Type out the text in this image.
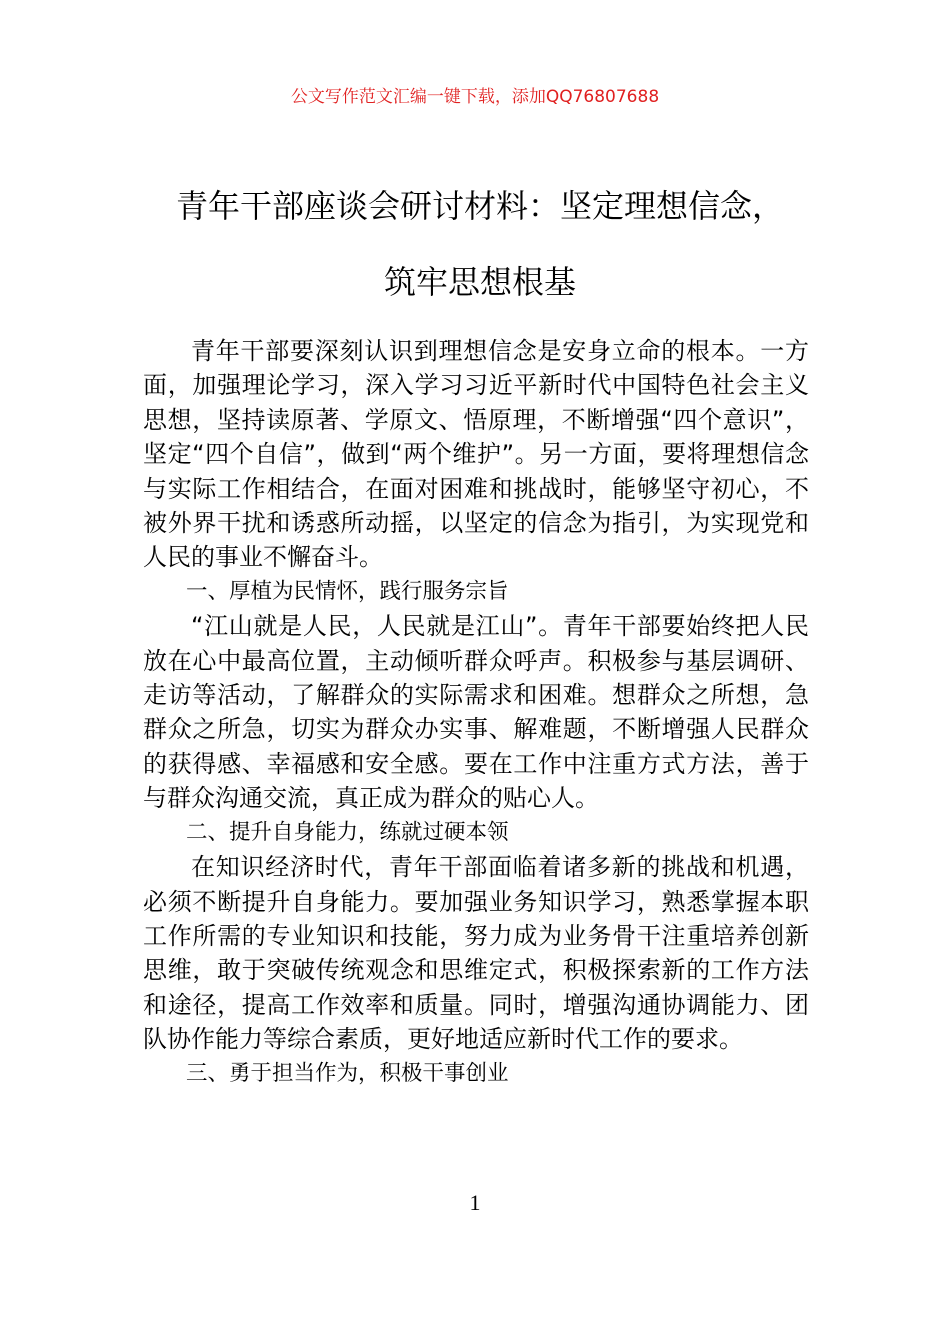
公文写作范文汇编一键下载，添加QQ76807688
青年干部座谈会研讨材料：坚定理想信念，
筑牢思想根基

青年干部要深刻认识到理想信念是安身立命的根本。一方面，加强理论学习，深入学习习近平新时代中国特色社会主义思想，坚持读原著、学原文、悟原理，不断增强“四个意识”，坚定“四个自信”，做到“两个维护”。另一方面，要将理想信念与实际工作相结合，在面对困难和挑战时，能够坚守初心，不被外界干扰和诱惑所动摇，以坚定的信念为指引，为实现党和人民的事业不懈奋斗。

一、厚植为民情怀，践行服务宗旨

“江山就是人民，人民就是江山”。青年干部要始终把人民放在心中最高位置，主动倾听群众呼声。积极参与基层调研、走访等活动，了解群众的实际需求和困难。想群众之所想，急群众之所急，切实为群众办实事、解难题，不断增强人民群众的获得感、幸福感和安全感。要在工作中注重方式方法，善于与群众沟通交流，真正成为群众的贴心人。

二、提升自身能力，练就过硬本领

在知识经济时代，青年干部面临着诸多新的挑战和机遇，必须不断提升自身能力。要加强业务知识学习，熟悉掌握本职工作所需的专业知识和技能，努力成为业务骨干注重培养创新思维，敢于突破传统观念和思维定式，积极探索新的工作方法和途径，提高工作效率和质量。同时，增强沟通协调能力、团队协作能力等综合素质，更好地适应新时代工作的要求。

三、勇于担当作为，积极干事创业

1
